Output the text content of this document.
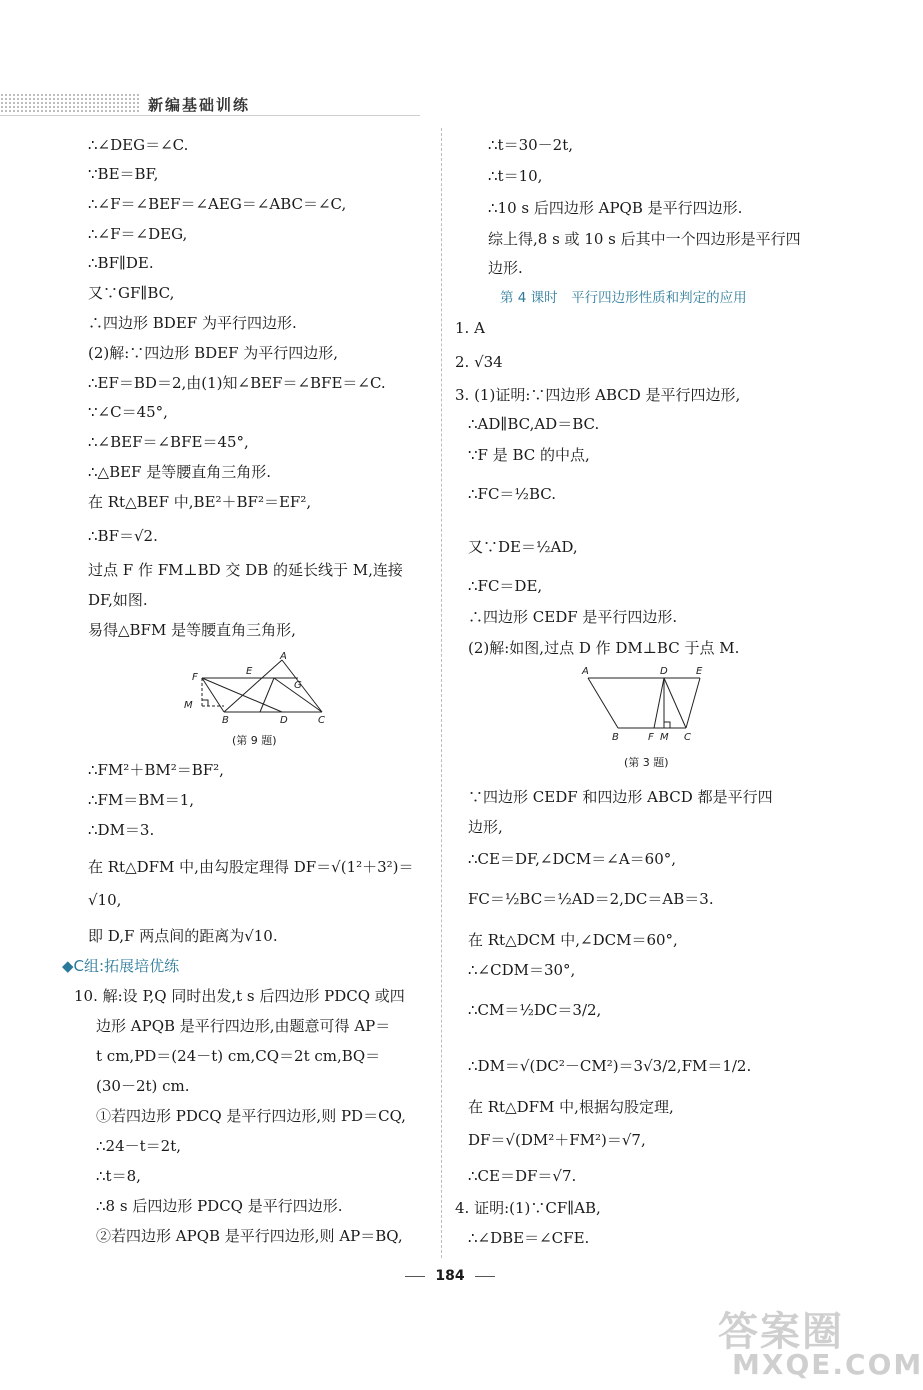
新编基础训练
∴∠DEG＝∠C.
∵BE＝BF,
∴∠F＝∠BEF＝∠AEG＝∠ABC＝∠C,
∴∠F＝∠DEG,
∴BF∥DE.
又∵GF∥BC,
∴四边形 BDEF 为平行四边形.
(2)解:∵四边形 BDEF 为平行四边形,
∴EF＝BD＝2,由(1)知∠BEF＝∠BFE＝∠C.
∵∠C＝45°,
∴∠BEF＝∠BFE＝45°,
∴△BEF 是等腰直角三角形.
在 Rt△BEF 中,BE²＋BF²＝EF²,
∴BF＝√2.
过点 F 作 FM⊥BD 交 DB 的延长线于 M,连接
DF,如图.
易得△BFM 是等腰直角三角形,
F
E
A
G
M
B	D	C
(第 9 题)
∴FM²＋BM²＝BF²,
∴FM＝BM＝1,
∴DM＝3.
在 Rt△DFM 中,由勾股定理得 DF＝√(1²＋3²)＝
√10,
即 D,F 两点间的距离为√10.
◆C组:拓展培优练
10. 解:设 P,Q 同时出发,t s 后四边形 PDCQ 或四
边形 APQB 是平行四边形,由题意可得 AP＝
t cm,PD＝(24－t) cm,CQ＝2t cm,BQ＝
(30－2t) cm.
①若四边形 PDCQ 是平行四边形,则 PD＝CQ,
∴24－t＝2t,
∴t＝8,
∴8 s 后四边形 PDCQ 是平行四边形.
②若四边形 APQB 是平行四边形,则 AP＝BQ,
∴t＝30－2t,
∴t＝10,
∴10 s 后四边形 APQB 是平行四边形.
综上得,8 s 或 10 s 后其中一个四边形是平行四
边形.
第 4 课时　平行四边形性质和判定的应用
1. A
2. √34
3. (1)证明:∵四边形 ABCD 是平行四边形,
∴AD∥BC,AD＝BC.
∵F 是 BC 的中点,
∴FC＝½BC.
又∵DE＝½AD,
∴FC＝DE,
∴四边形 CEDF 是平行四边形.
(2)解:如图,过点 D 作 DM⊥BC 于点 M.
A	D	E
B	F M C
(第 3 题)
∵四边形 CEDF 和四边形 ABCD 都是平行四
边形,
∴CE＝DF,∠DCM＝∠A＝60°,
FC＝½BC＝½AD＝2,DC＝AB＝3.
在 Rt△DCM 中,∠DCM＝60°,
∴∠CDM＝30°,
∴CM＝½DC＝3/2,
∴DM＝√(DC²－CM²)＝3√3/2,FM＝1/2.
在 Rt△DFM 中,根据勾股定理,
DF＝√(DM²＋FM²)＝√7,
∴CE＝DF＝√7.
4. 证明:(1)∵CF∥AB,
∴∠DBE＝∠CFE.
184
答案圈
MXQE.COM
